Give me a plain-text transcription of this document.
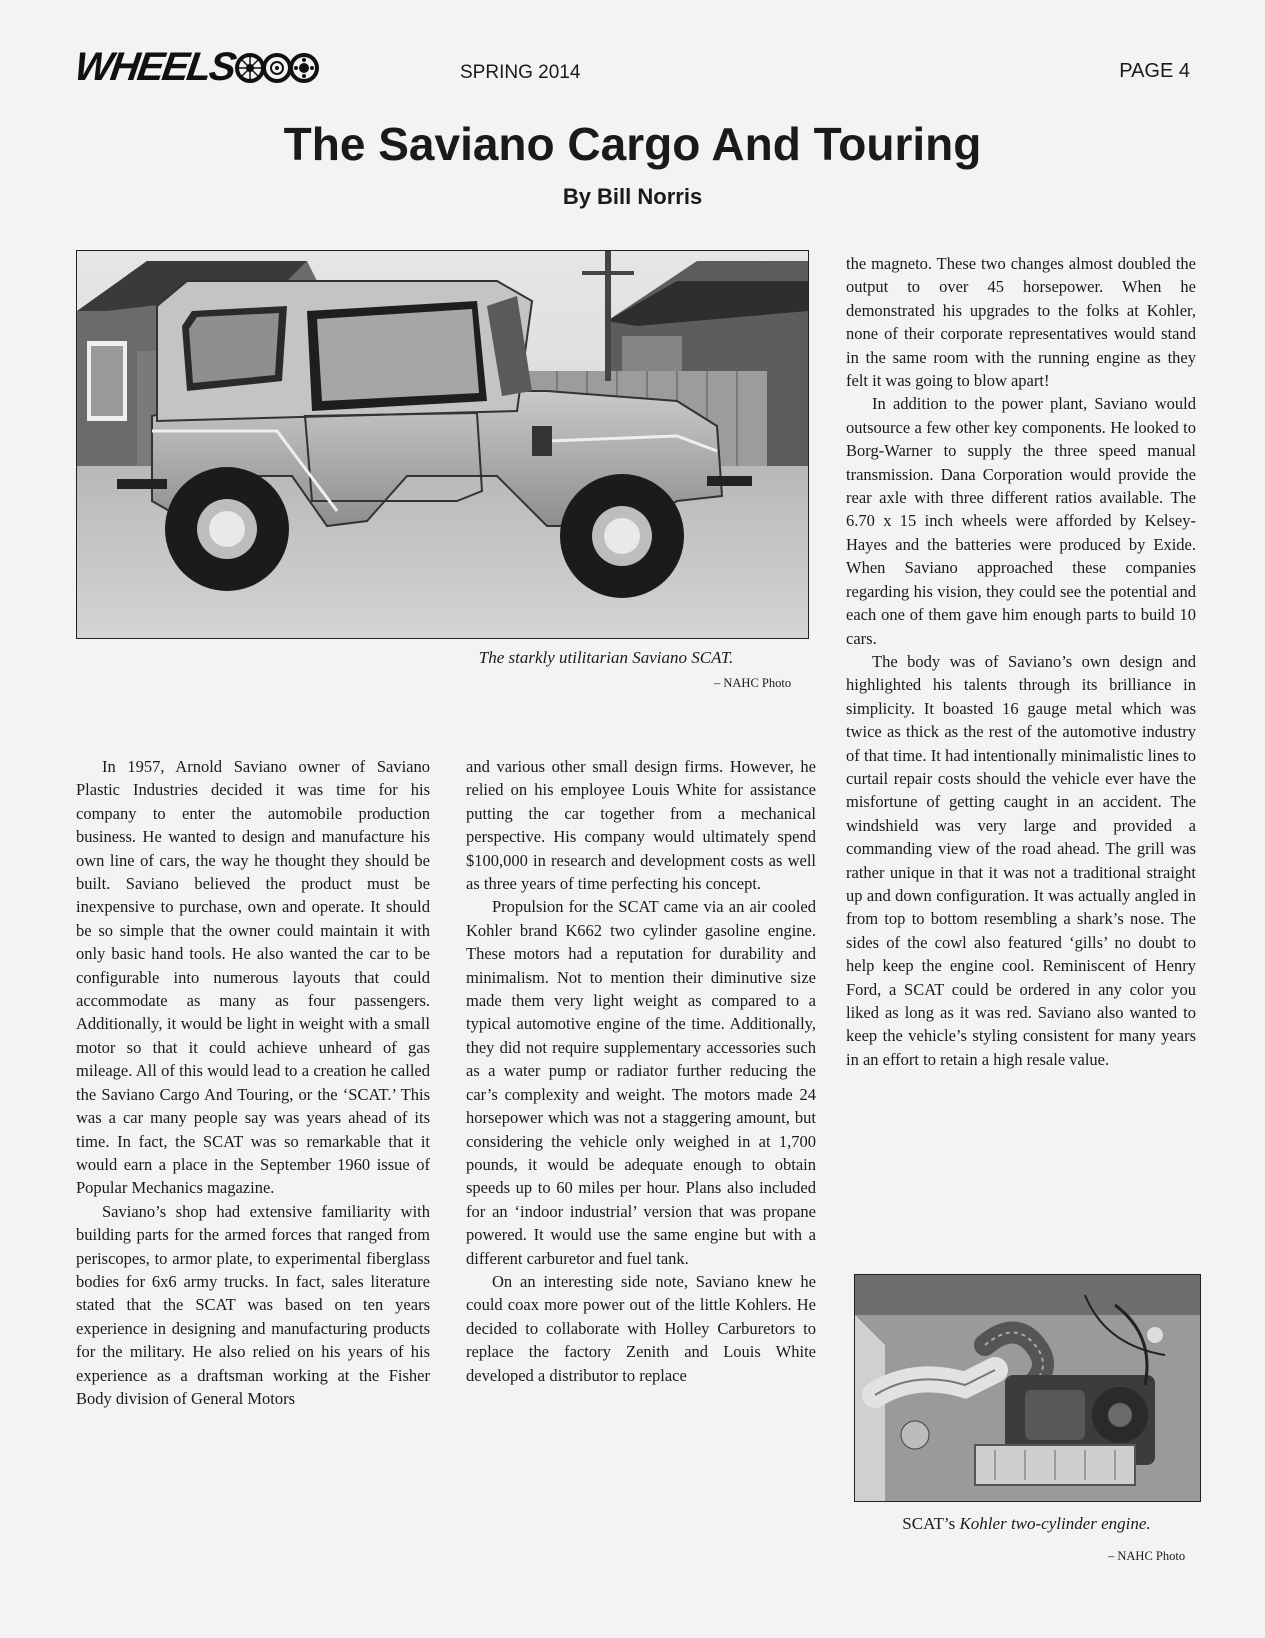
WHEELS	SPRING 2014	PAGE 4
The Saviano Cargo And Touring
By Bill Norris
The starkly utilitarian Saviano SCAT.
– NAHC Photo
SCAT’s Kohler two-cylinder engine.
– NAHC Photo

In 1957, Arnold Saviano owner of Saviano Plastic Industries decided it was time for his company to enter the automobile production business. He wanted to design and manufacture his own line of cars, the way he thought they should be built. Saviano believed the product must be inexpensive to purchase, own and operate. It should be so simple that the owner could maintain it with only basic hand tools. He also wanted the car to be configurable into numerous layouts that could accommodate as many as four passengers. Additionally, it would be light in weight with a small motor so that it could achieve unheard of gas mileage. All of this would lead to a creation he called the Saviano Cargo And Touring, or the ‘SCAT.’ This was a car many people say was years ahead of its time. In fact, the SCAT was so remarkable that it would earn a place in the September 1960 issue of Popular Mechanics magazine.

Saviano’s shop had extensive familiarity with building parts for the armed forces that ranged from periscopes, to armor plate, to experimental fiberglass bodies for 6x6 army trucks. In fact, sales literature stated that the SCAT was based on ten years experience in designing and manufacturing products for the military. He also relied on his years of his experience as a draftsman working at the Fisher Body division of General Motors

and various other small design firms. However, he relied on his employee Louis White for assistance putting the car together from a mechanical perspective. His company would ultimately spend $100,000 in research and development costs as well as three years of time perfecting his concept.

Propulsion for the SCAT came via an air cooled Kohler brand K662 two cylinder gasoline engine. These motors had a reputation for durability and minimalism. Not to mention their diminutive size made them very light weight as compared to a typical automotive engine of the time. Additionally, they did not require supplementary accessories such as a water pump or radiator further reducing the car’s complexity and weight. The motors made 24 horsepower which was not a staggering amount, but considering the vehicle only weighed in at 1,700 pounds, it would be adequate enough to obtain speeds up to 60 miles per hour. Plans also included for an ‘indoor industrial’ version that was propane powered. It would use the same engine but with a different carburetor and fuel tank.

On an interesting side note, Saviano knew he could coax more power out of the little Kohlers. He decided to collaborate with Holley Carburetors to replace the factory Zenith and Louis White developed a distributor to replace

the magneto. These two changes almost doubled the output to over 45 horsepower. When he demonstrated his upgrades to the folks at Kohler, none of their corporate representatives would stand in the same room with the running engine as they felt it was going to blow apart!

In addition to the power plant, Saviano would outsource a few other key components. He looked to Borg-Warner to supply the three speed manual transmission. Dana Corporation would provide the rear axle with three different ratios available. The 6.70 x 15 inch wheels were afforded by Kelsey-Hayes and the batteries were produced by Exide. When Saviano approached these companies regarding his vision, they could see the potential and each one of them gave him enough parts to build 10 cars.

The body was of Saviano’s own design and highlighted his talents through its brilliance in simplicity. It boasted 16 gauge metal which was twice as thick as the rest of the automotive industry of that time. It had intentionally minimalistic lines to curtail repair costs should the vehicle ever have the misfortune of getting caught in an accident. The windshield was very large and provided a commanding view of the road ahead. The grill was rather unique in that it was not a traditional straight up and down configuration. It was actually angled in from top to bottom resembling a shark’s nose. The sides of the cowl also featured ‘gills’ no doubt to help keep the engine cool. Reminiscent of Henry Ford, a SCAT could be ordered in any color you liked as long as it was red. Saviano also wanted to keep the vehicle’s styling consistent for many years in an effort to retain a high resale value.
